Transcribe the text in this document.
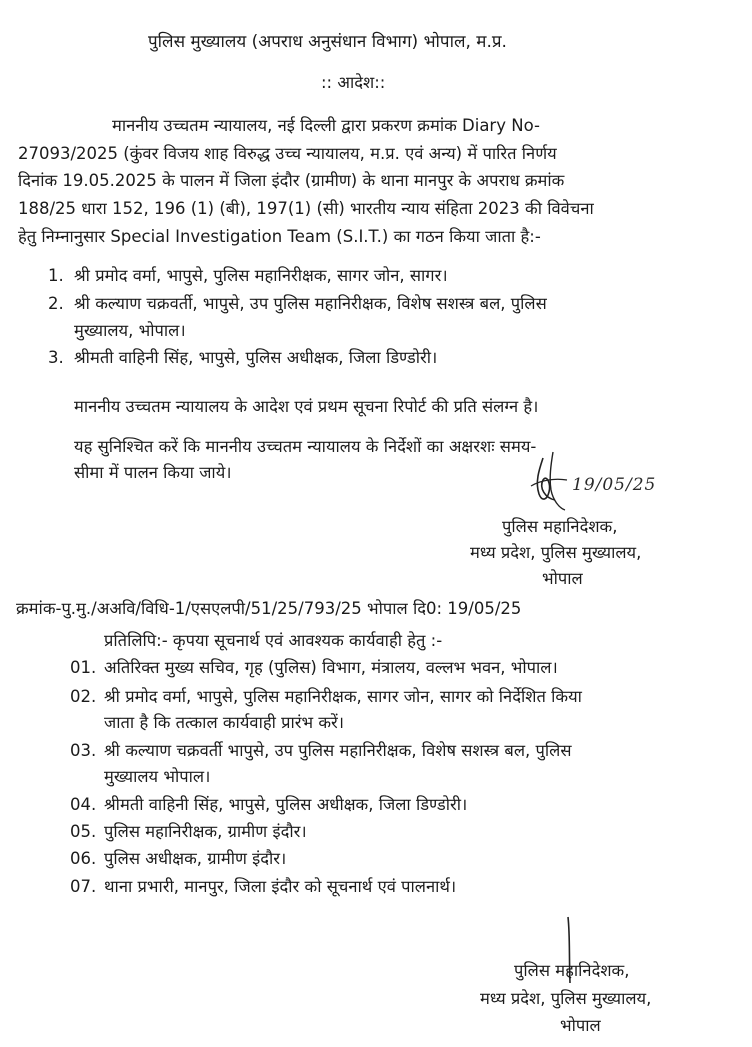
पुलिस मुख्यालय (अपराध अनुसंधान विभाग) भोपाल, म.प्र.
:: आदेश::
माननीय उच्चतम न्यायालय, नई दिल्ली द्वारा प्रकरण क्रमांक Diary No-
27093/2025 (कुंवर विजय शाह विरुद्ध उच्च न्यायालय, म.प्र. एवं अन्य) में पारित निर्णय
दिनांक 19.05.2025 के पालन में जिला इंदौर (ग्रामीण) के थाना मानपुर के अपराध क्रमांक
188/25 धारा 152, 196 (1) (बी), 197(1) (सी) भारतीय न्याय संहिता 2023 की विवेचना
हेतु निम्नानुसार Special Investigation Team (S.I.T.) का गठन किया जाता है:-
1. श्री प्रमोद वर्मा, भापुसे, पुलिस महानिरीक्षक, सागर जोन, सागर।
2. श्री कल्याण चक्रवर्ती, भापुसे, उप पुलिस महानिरीक्षक, विशेष सशस्त्र बल, पुलिस
मुख्यालय, भोपाल।
3. श्रीमती वाहिनी सिंह, भापुसे, पुलिस अधीक्षक, जिला डिण्डोरी।
माननीय उच्चतम न्यायालय के आदेश एवं प्रथम सूचना रिपोर्ट की प्रति संलग्न है।
यह सुनिश्चित करें कि माननीय उच्चतम न्यायालय के निर्देशों का अक्षरशः समय-
सीमा में पालन किया जाये।
19/05/25
पुलिस महानिदेशक,
मध्य प्रदेश, पुलिस मुख्यालय,
भोपाल
क्रमांक-पु.मु./अअवि/विधि-1/एसएलपी/51/25/793/25 भोपाल दि0: 19/05/25
प्रतिलिपि:- कृपया सूचनार्थ एवं आवश्यक कार्यवाही हेतु :-
01. अतिरिक्त मुख्य सचिव, गृह (पुलिस) विभाग, मंत्रालय, वल्लभ भवन, भोपाल।
02. श्री प्रमोद वर्मा, भापुसे, पुलिस महानिरीक्षक, सागर जोन, सागर को निर्देशित किया
जाता है कि तत्काल कार्यवाही प्रारंभ करें।
03. श्री कल्याण चक्रवर्ती भापुसे, उप पुलिस महानिरीक्षक, विशेष सशस्त्र बल, पुलिस
मुख्यालय भोपाल।
04. श्रीमती वाहिनी सिंह, भापुसे, पुलिस अधीक्षक, जिला डिण्डोरी।
05. पुलिस महानिरीक्षक, ग्रामीण इंदौर।
06. पुलिस अधीक्षक, ग्रामीण इंदौर।
07. थाना प्रभारी, मानपुर, जिला इंदौर को सूचनार्थ एवं पालनार्थ।
पुलिस महानिदेशक,
मध्य प्रदेश, पुलिस मुख्यालय,
भोपाल
